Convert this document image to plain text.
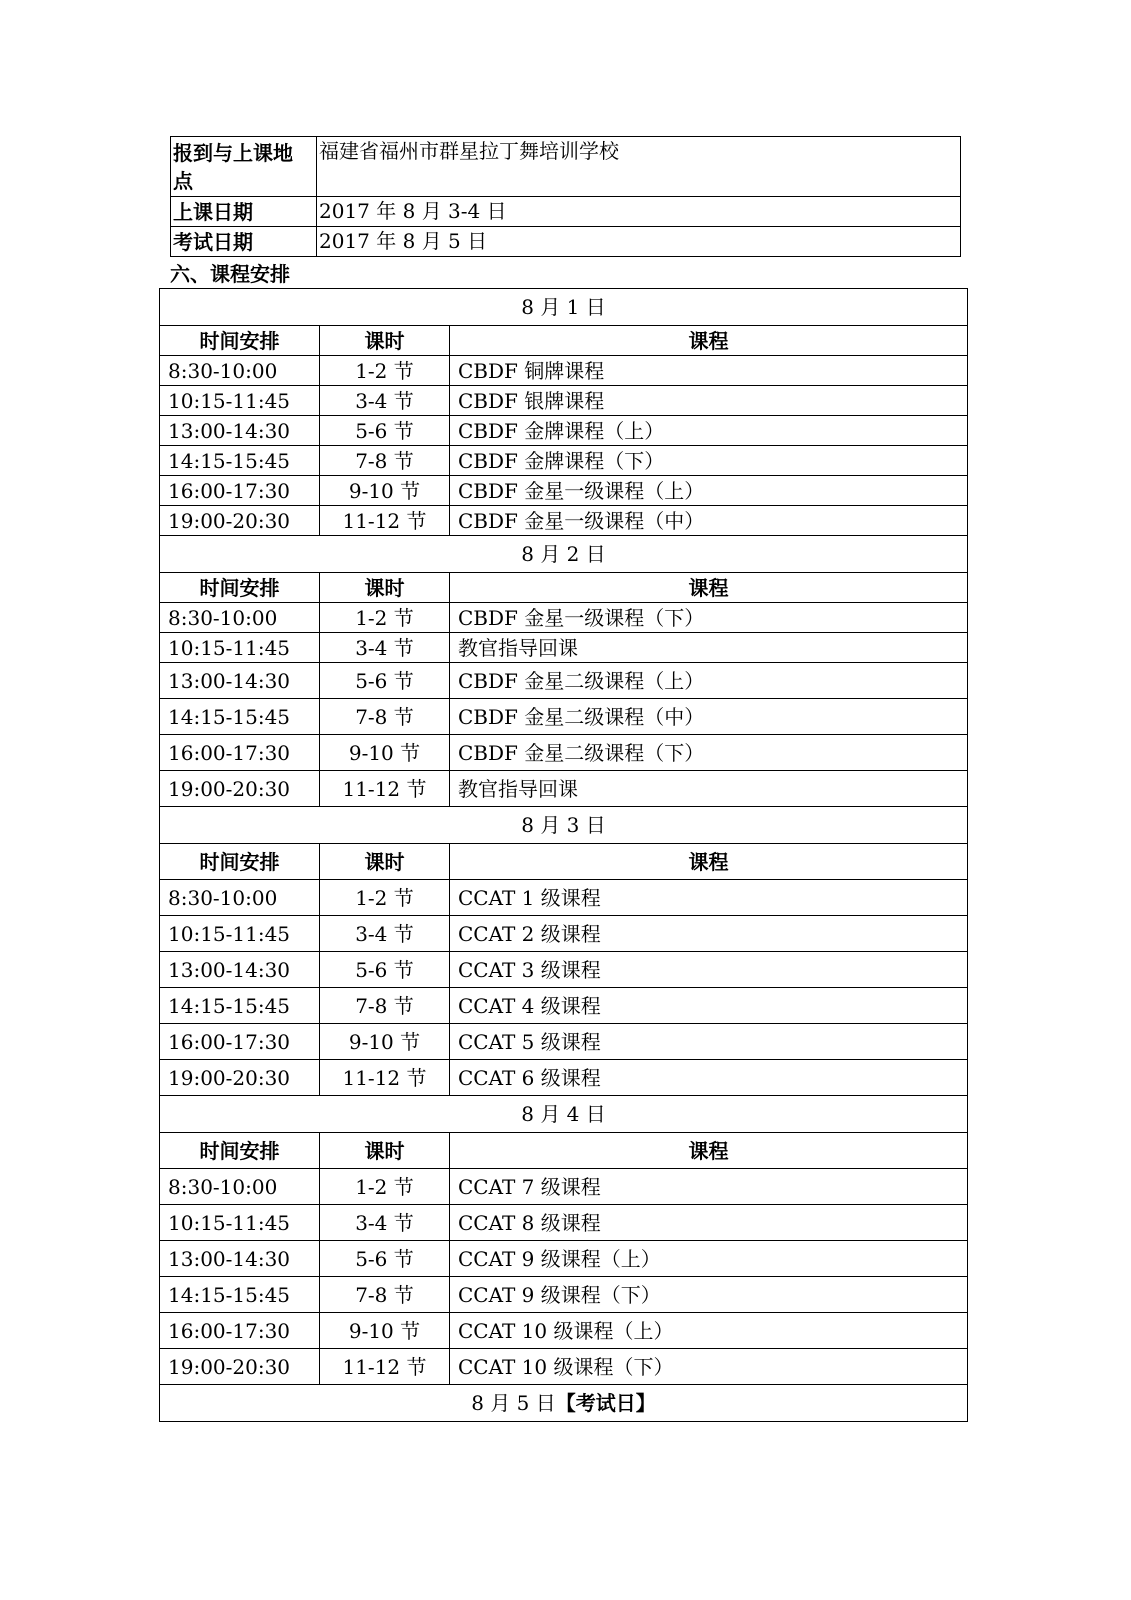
报到与上课地点	福建省福州市群星拉丁舞培训学校
上课日期	2017 年 8 月 3-4 日
考试日期	2017 年 8 月 5 日
六、课程安排
8 月 1 日		
时间安排	课时	课程
8:30-10:00	1-2 节	CBDF 铜牌课程
10:15-11:45	3-4 节	CBDF 银牌课程
13:00-14:30	5-6 节	CBDF 金牌课程（上）
14:15-15:45	7-8 节	CBDF 金牌课程（下）
16:00-17:30	9-10 节	CBDF 金星一级课程（上）
19:00-20:30	11-12 节	CBDF 金星一级课程（中）
8 月 2 日		
时间安排	课时	课程
8:30-10:00	1-2 节	CBDF 金星一级课程（下）
10:15-11:45	3-4 节	教官指导回课
13:00-14:30	5-6 节	CBDF 金星二级课程（上）
14:15-15:45	7-8 节	CBDF 金星二级课程（中）
16:00-17:30	9-10 节	CBDF 金星二级课程（下）
19:00-20:30	11-12 节	教官指导回课
8 月 3 日		
时间安排	课时	课程
8:30-10:00	1-2 节	CCAT 1 级课程
10:15-11:45	3-4 节	CCAT 2 级课程
13:00-14:30	5-6 节	CCAT 3 级课程
14:15-15:45	7-8 节	CCAT 4 级课程
16:00-17:30	9-10 节	CCAT 5 级课程
19:00-20:30	11-12 节	CCAT 6 级课程
8 月 4 日		
时间安排	课时	课程
8:30-10:00	1-2 节	CCAT 7 级课程
10:15-11:45	3-4 节	CCAT 8 级课程
13:00-14:30	5-6 节	CCAT 9 级课程（上）
14:15-15:45	7-8 节	CCAT 9 级课程（下）
16:00-17:30	9-10 节	CCAT 10 级课程（上）
19:00-20:30	11-12 节	CCAT 10 级课程（下）
8 月 5 日【考试日】		
